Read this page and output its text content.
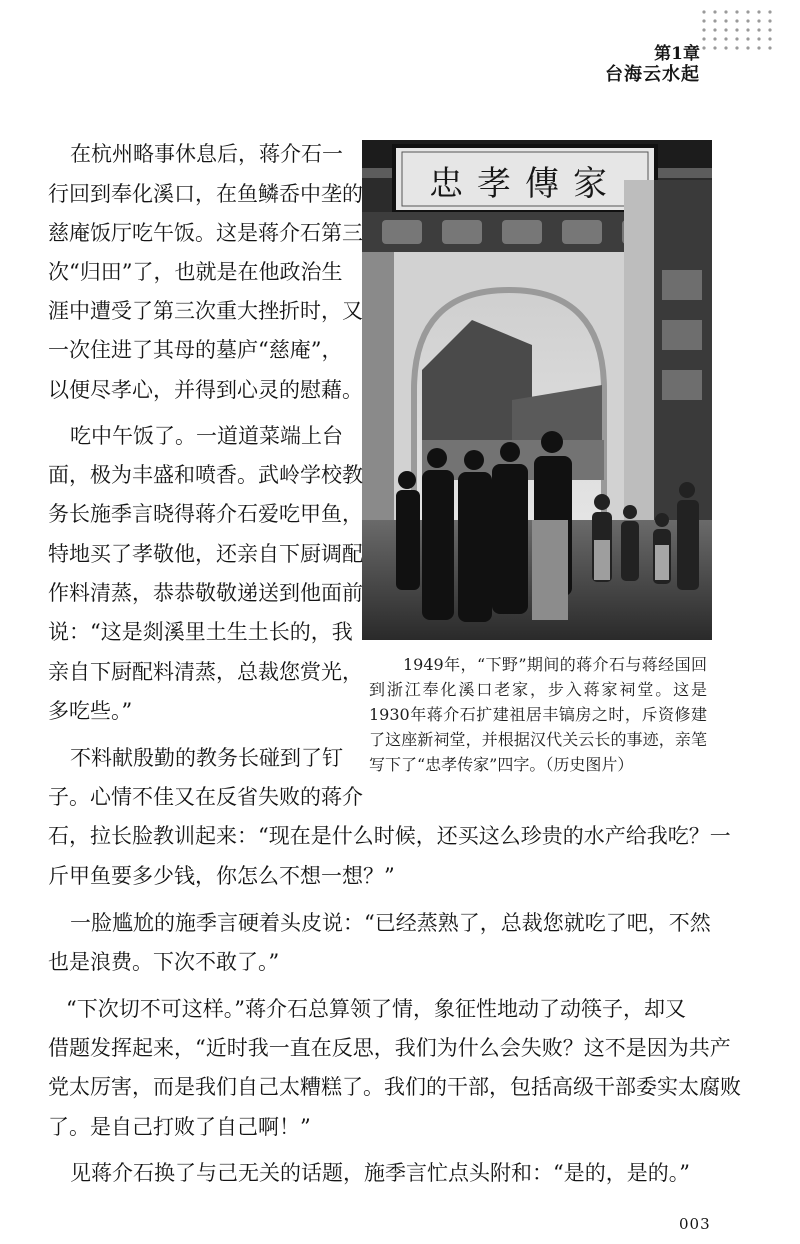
第1章
台海云水起
忠孝傳家
1949年，“下野”期间的蒋介石与蒋经国回到浙江奉化溪口老家，步入蒋家祠堂。这是1930年蒋介石扩建祖居丰镐房之时，斥资修建了这座新祠堂，并根据汉代关云长的事迹，亲笔写下了“忠孝传家”四字。（历史图片）

在杭州略事休息后，蒋介石一

行回到奉化溪口，在鱼鳞岙中垄的

慈庵饭厅吃午饭。这是蒋介石第三

次“归田”了，也就是在他政治生

涯中遭受了第三次重大挫折时，又

一次住进了其母的墓庐“慈庵”，

以便尽孝心，并得到心灵的慰藉。

吃中午饭了。一道道菜端上台

面，极为丰盛和喷香。武岭学校教

务长施季言晓得蒋介石爱吃甲鱼，

特地买了孝敬他，还亲自下厨调配

作料清蒸，恭恭敬敬递送到他面前

说：“这是剡溪里土生土长的，我

亲自下厨配料清蒸，总裁您赏光，

多吃些。”

不料献殷勤的教务长碰到了钉

子。心情不佳又在反省失败的蒋介

石，拉长脸教训起来：“现在是什么时候，还买这么珍贵的水产给我吃？一

斤甲鱼要多少钱，你怎么不想一想？”

一脸尴尬的施季言硬着头皮说：“已经蒸熟了，总裁您就吃了吧，不然

也是浪费。下次不敢了。”

“下次切不可这样。”蒋介石总算领了情，象征性地动了动筷子，却又

借题发挥起来，“近时我一直在反思，我们为什么会失败？这不是因为共产

党太厉害，而是我们自己太糟糕了。我们的干部，包括高级干部委实太腐败

了。是自己打败了自己啊！”

见蒋介石换了与己无关的话题，施季言忙点头附和：“是的，是的。”

003
